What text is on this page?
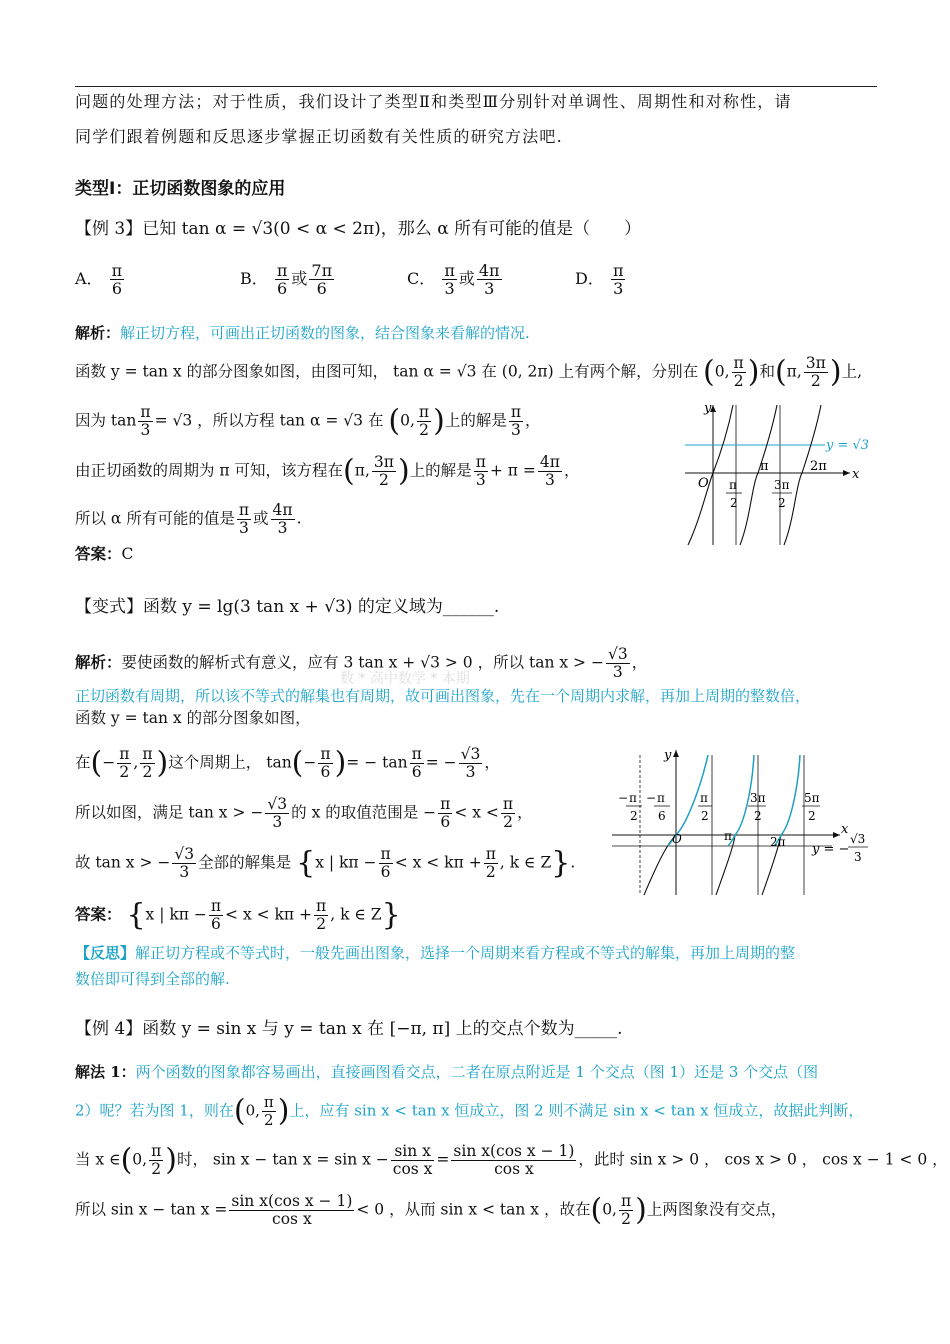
问题的处理方法；对于性质，我们设计了类型Ⅱ和类型Ⅲ分别针对单调性、周期性和对称性，请
同学们跟着例题和反思逐步掌握正切函数有关性质的研究方法吧.
类型Ⅰ：正切函数图象的应用
【例 3】已知 tan α = √3(0 < α < 2π)，那么 α 所有可能的值是（　　）
A． $\frac{\pi}{6}$	B． $\frac{\pi}{6}$ 或 $\frac{7\pi}{6}$	C． $\frac{\pi}{3}$ 或 $\frac{4\pi}{3}$	D． $\frac{\pi}{3}$
解析：解正切方程，可画出正切函数的图象，结合图象来看解的情况.
函数 y = tan x 的部分图象如图，由图可知， tan α = √3 在 (0, 2π) 上有两个解，分别在 (0, $\frac{\pi}{2}$ )和(π, $\frac{3\pi}{2}$ )上,
因为 $\tan \frac{\pi}{3} = √3$ ，所以方程 tan α = √3 在 (0, $\frac{\pi}{2}$ )上的解是 $\frac{\pi}{3}$ ，
由正切函数的周期为 π 可知，该方程在(π, $\frac{3\pi}{2}$ )上的解是 $\frac{\pi}{3} + \pi = \frac{4\pi}{3}$ ，
所以 α 所有可能的值是 $\frac{\pi}{3}$ 或 $\frac{4\pi}{3}$ .
答案：C
y
x
O
y = √3
π	2π
π
2
3π
2
【变式】函数 y = lg(3 tan x + √3) 的定义域为______.
解析：要使函数的解析式有意义，应有 3 tan x + √3 > 0 ，所以 tan x > − $\frac{√3}{3}$ ，
数 * 高中数学 * 本期
正切函数有周期，所以该不等式的解集也有周期，故可画出图象，先在一个周期内求解，再加上周期的整数倍，
函数 y = tan x 的部分图象如图，
在(− $\frac{\pi}{2}$ , $\frac{\pi}{2}$ )这个周期上， $\tan(- \frac{\pi}{6}$ )= − $\tan \frac{\pi}{6}$ = − $\frac{√3}{3}$ ，
所以如图，满足 tan x > − $\frac{√3}{3}$ 的 x 的取值范围是 − $\frac{\pi}{6} < x < \frac{\pi}{2}$ ，
故 tan x > − $\frac{√3}{3}$ 全部的解集是 {x | $k\pi - \frac{\pi}{6} < x < k\pi + \frac{\pi}{2}$ , k ∈ Z}.
答案： {x | $k\pi - \frac{\pi}{6} < x < k\pi + \frac{\pi}{2}$ , k ∈ Z}
y
x
O	π	2π
− π
2
− π
6
π
2
3π
2
5π
2
y = −
√3
3
【反思】解正切方程或不等式时，一般先画出图象，选择一个周期来看方程或不等式的解集，再加上周期的整
数倍即可得到全部的解.
【例 4】函数 y = sin x 与 y = tan x 在 [−π, π] 上的交点个数为_____.
解法 1：两个函数的图象都容易画出，直接画图看交点，二者在原点附近是 1 个交点（图 1）还是 3 个交点（图
2）呢？若为图 1，则在(0, $\frac{\pi}{2}$ )上，应有 sin x < tan x 恒成立，图 2 则不满足 sin x < tan x 恒成立，故据此判断，
当 x ∈(0, $\frac{\pi}{2}$ )时， $\sin x - \tan x = \sin x - \frac{\text{sin x}}{\text{cos x}} = \frac{\text{sin x(cos x − 1)}}{\text{cos x}}$ ，此时 sin x > 0 ， cos x > 0 ， cos x − 1 < 0 ，
所以 $\sin x - \tan x = \frac{\text{sin x(cos x − 1)}}{\text{cos x}} < 0$ ，从而 sin x < tan x ，故在(0, $\frac{\pi}{2}$ )上两图象没有交点，
